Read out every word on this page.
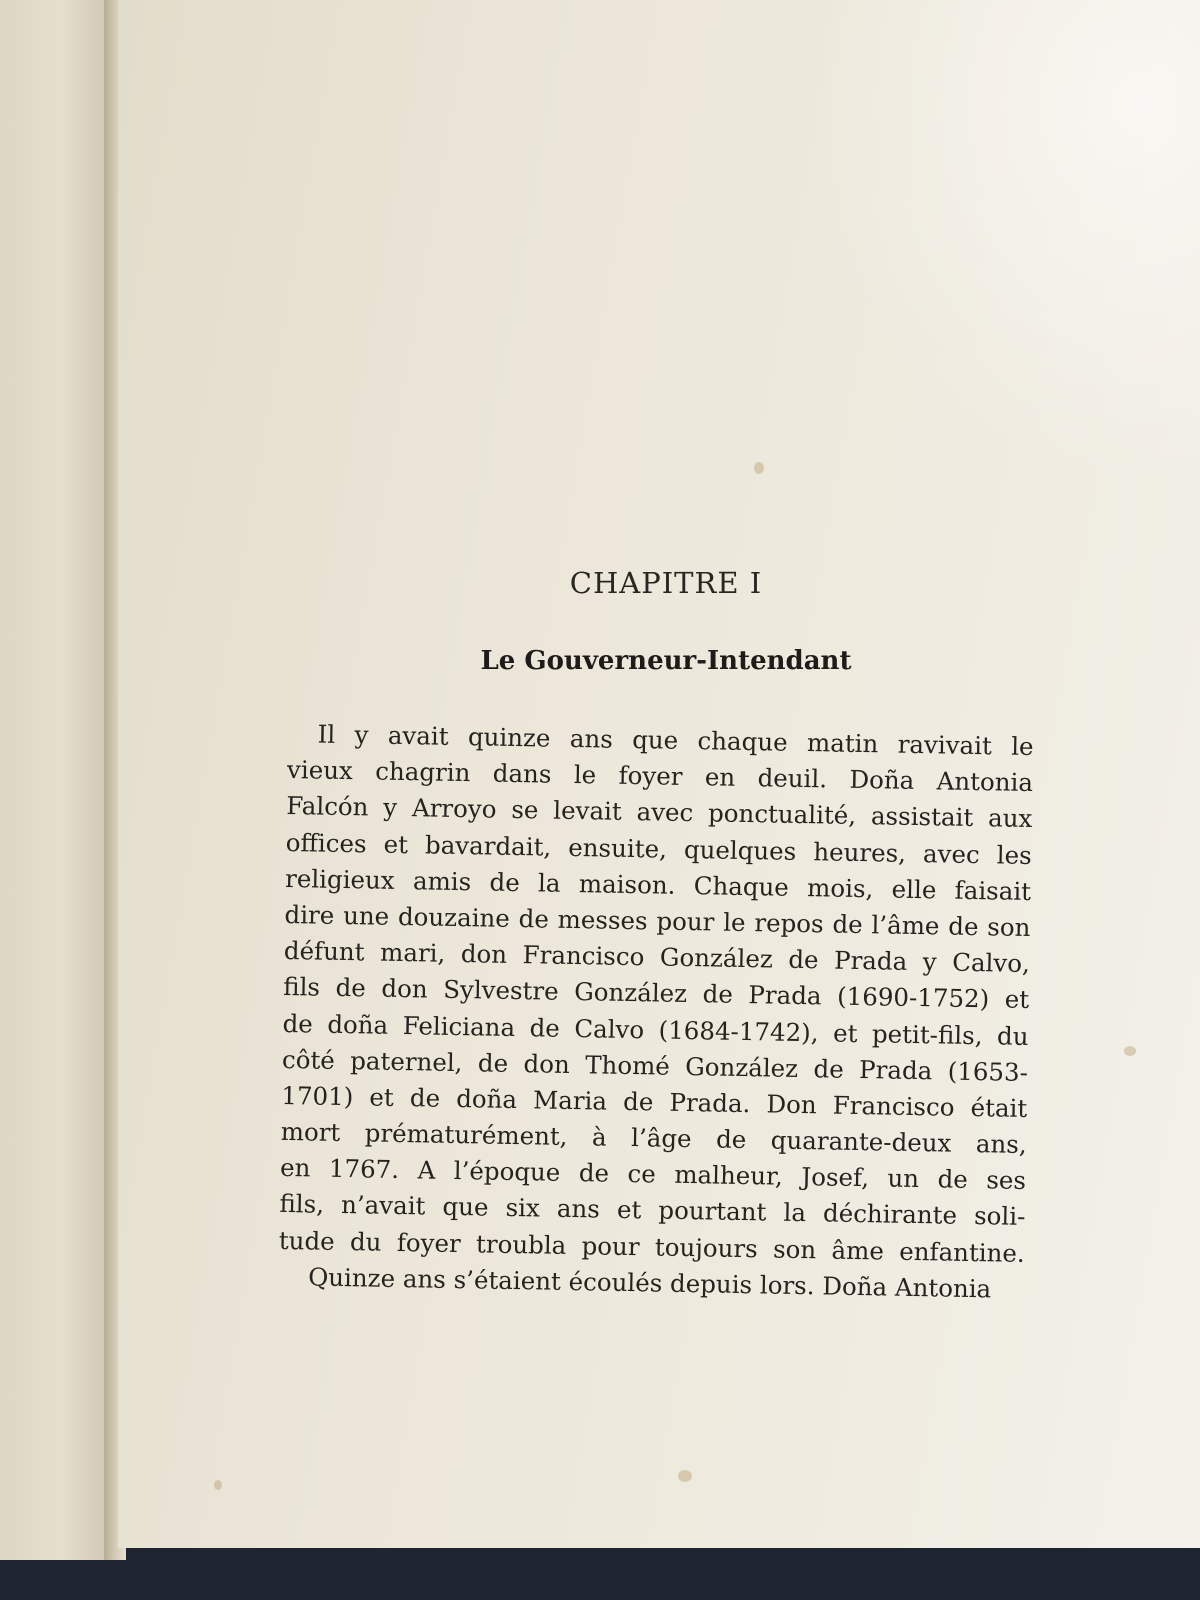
CHAPITRE I
Le Gouverneur-Intendant
Il y avait quinze ans que chaque matin ravivait le
vieux chagrin dans le foyer en deuil. Doña Antonia
Falcón y Arroyo se levait avec ponctualité, assistait aux
offices et bavardait, ensuite, quelques heures, avec les
religieux amis de la maison. Chaque mois, elle faisait
dire une douzaine de messes pour le repos de l’âme de son
défunt mari, don Francisco González de Prada y Calvo,
fils de don Sylvestre González de Prada (1690-1752) et
de doña Feliciana de Calvo (1684-1742), et petit-fils, du
côté paternel, de don Thomé González de Prada (1653-
1701) et de doña Maria de Prada. Don Francisco était
mort prématurément, à l’âge de quarante-deux ans,
en 1767. A l’époque de ce malheur, Josef, un de ses
fils, n’avait que six ans et pourtant la déchirante soli-
tude du foyer troubla pour toujours son âme enfantine.
Quinze ans s’étaient écoulés depuis lors. Doña Antonia
